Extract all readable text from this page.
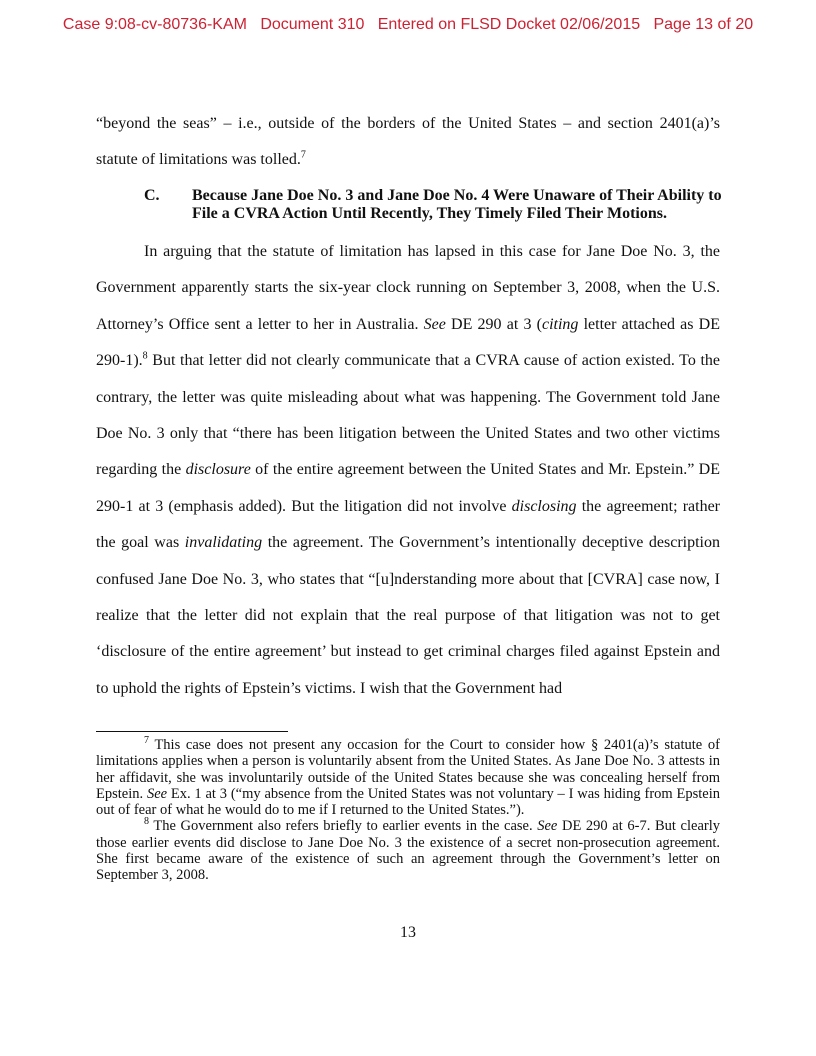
Case 9:08-cv-80736-KAM Document 310 Entered on FLSD Docket 02/06/2015 Page 13 of 20
“beyond the seas” – i.e., outside of the borders of the United States – and section 2401(a)’s statute of limitations was tolled.$^7$
C. Because Jane Doe No. 3 and Jane Doe No. 4 Were Unaware of Their Ability to File a CVRA Action Until Recently, They Timely Filed Their Motions.
In arguing that the statute of limitation has lapsed in this case for Jane Doe No. 3, the Government apparently starts the six-year clock running on September 3, 2008, when the U.S. Attorney’s Office sent a letter to her in Australia. See DE 290 at 3 (citing letter attached as DE 290-1).$^8$ But that letter did not clearly communicate that a CVRA cause of action existed. To the contrary, the letter was quite misleading about what was happening. The Government told Jane Doe No. 3 only that “there has been litigation between the United States and two other victims regarding the disclosure of the entire agreement between the United States and Mr. Epstein.” DE 290-1 at 3 (emphasis added). But the litigation did not involve disclosing the agreement; rather the goal was invalidating the agreement. The Government’s intentionally deceptive description confused Jane Doe No. 3, who states that “[u]nderstanding more about that [CVRA] case now, I realize that the letter did not explain that the real purpose of that litigation was not to get ‘disclosure of the entire agreement’ but instead to get criminal charges filed against Epstein and to uphold the rights of Epstein’s victims. I wish that the Government had

$^7$ This case does not present any occasion for the Court to consider how § 2401(a)’s statute of limitations applies when a person is voluntarily absent from the United States. As Jane Doe No. 3 attests in her affidavit, she was involuntarily outside of the United States because she was concealing herself from Epstein. See Ex. 1 at 3 (“my absence from the United States was not voluntary – I was hiding from Epstein out of fear of what he would do to me if I returned to the United States.”).

$^8$ The Government also refers briefly to earlier events in the case. See DE 290 at 6-7. But clearly those earlier events did disclose to Jane Doe No. 3 the existence of a secret non-prosecution agreement. She first became aware of the existence of such an agreement through the Government’s letter on September 3, 2008.

13
